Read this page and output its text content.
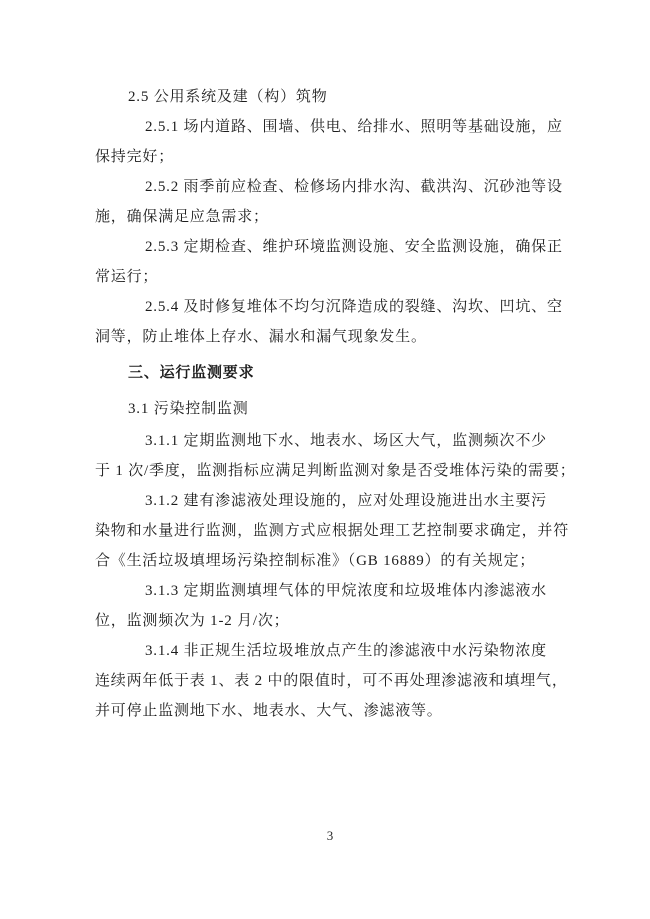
2.5 公用系统及建（构）筑物
2.5.1 场内道路、围墙、供电、给排水、照明等基础设施，应
保持完好；
2.5.2 雨季前应检查、检修场内排水沟、截洪沟、沉砂池等设
施，确保满足应急需求；
2.5.3 定期检查、维护环境监测设施、安全监测设施，确保正
常运行；
2.5.4 及时修复堆体不均匀沉降造成的裂缝、沟坎、凹坑、空
洞等，防止堆体上存水、漏水和漏气现象发生。
三、运行监测要求
3.1 污染控制监测
3.1.1 定期监测地下水、地表水、场区大气，监测频次不少
于 1 次/季度，监测指标应满足判断监测对象是否受堆体污染的需要；
3.1.2 建有渗滤液处理设施的，应对处理设施进出水主要污
染物和水量进行监测，监测方式应根据处理工艺控制要求确定，并符
合《生活垃圾填埋场污染控制标准》（GB 16889）的有关规定；
3.1.3 定期监测填埋气体的甲烷浓度和垃圾堆体内渗滤液水
位，监测频次为 1-2 月/次；
3.1.4 非正规生活垃圾堆放点产生的渗滤液中水污染物浓度
连续两年低于表 1、表 2 中的限值时，可不再处理渗滤液和填埋气，
并可停止监测地下水、地表水、大气、渗滤液等。
3
